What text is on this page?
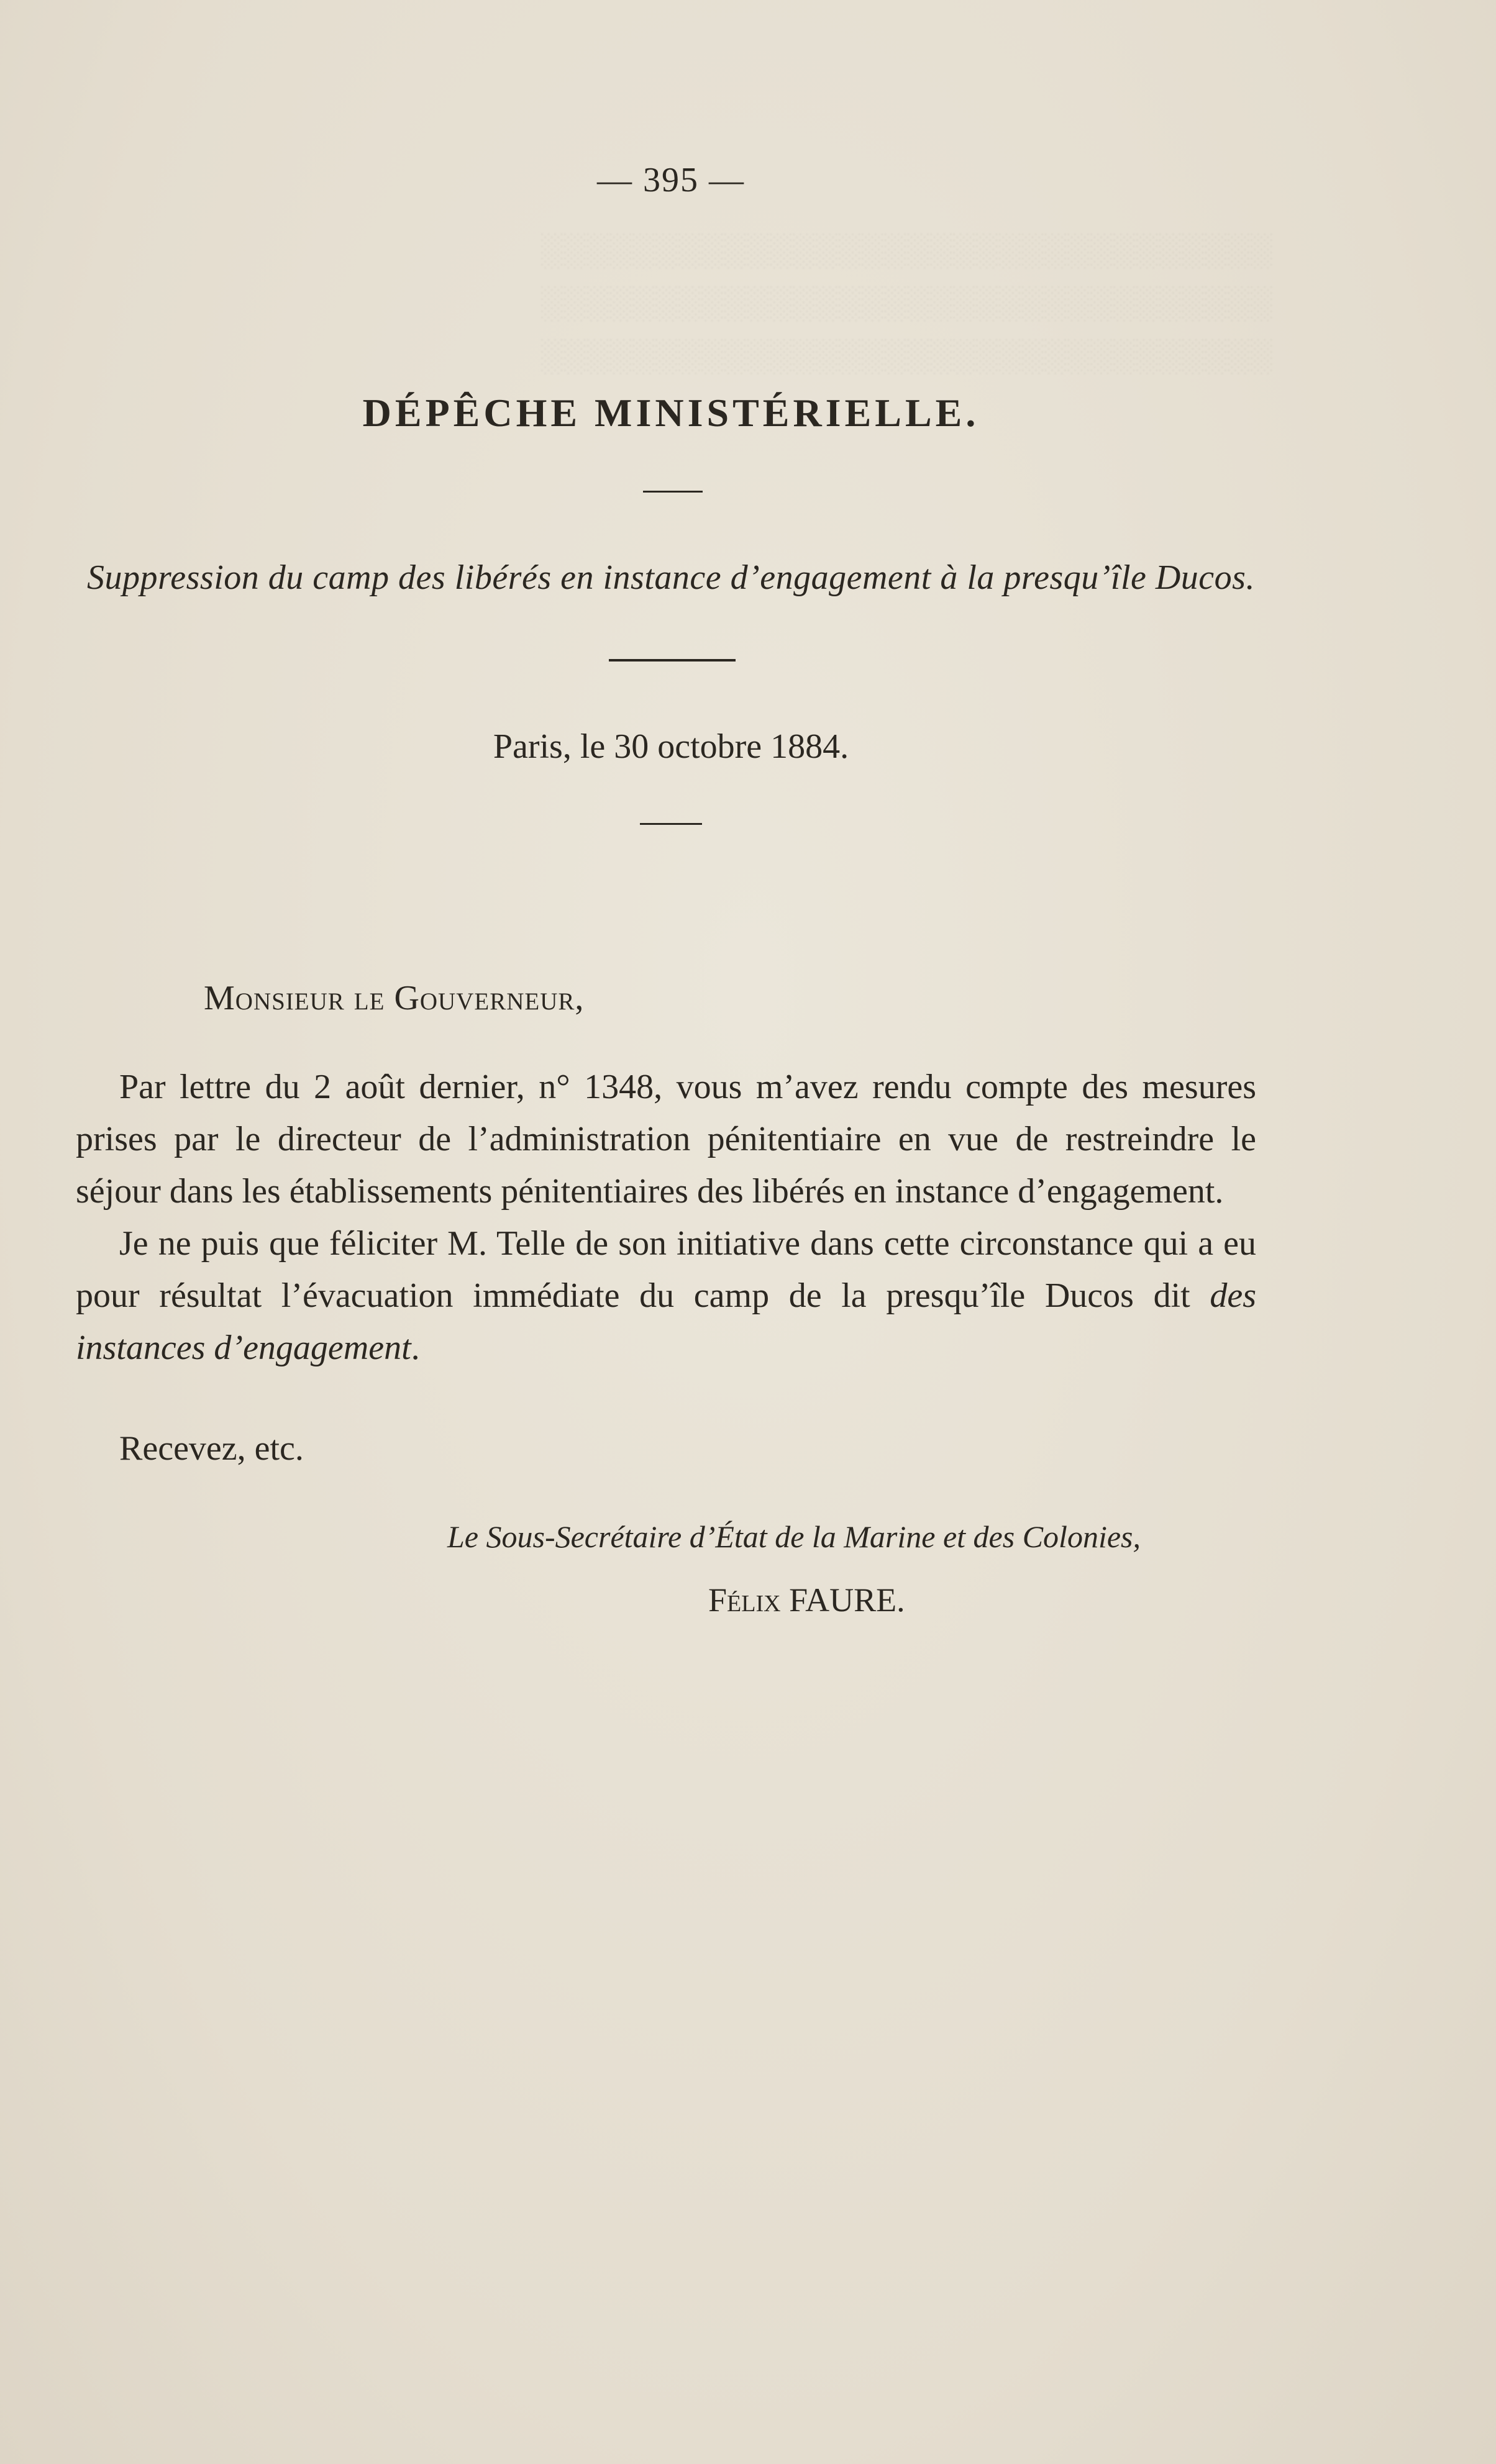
░░░░░░░░░░░░░░░░░░░░░░░░░░░░░░░░
░░░░░░░░░░░░░░░░░░░░░░░░░░░░░░░░
░░░░░░░░░░░░░░░░░░░░░░░░░░░░░░░░

— 395 —
DÉPÊCHE MINISTÉRIELLE.
Suppression du camp des libérés en instance d’engagement à la presqu’île Ducos.
Paris, le 30 octobre 1884.
Monsieur le Gouverneur,

Par lettre du 2 août dernier, n° 1348, vous m’avez rendu compte des mesures prises par le directeur de l’administration pénitentiaire en vue de restreindre le séjour dans les établissements pénitentiaires des libérés en instance d’engagement.

Je ne puis que féliciter M. Telle de son initiative dans cette circonstance qui a eu pour résultat l’évacuation immédiate du camp de la presqu’île Ducos dit des instances d’engagement.

Recevez, etc.
Le Sous-Secrétaire d’État de la Marine et des Colonies,
Félix FAURE.
